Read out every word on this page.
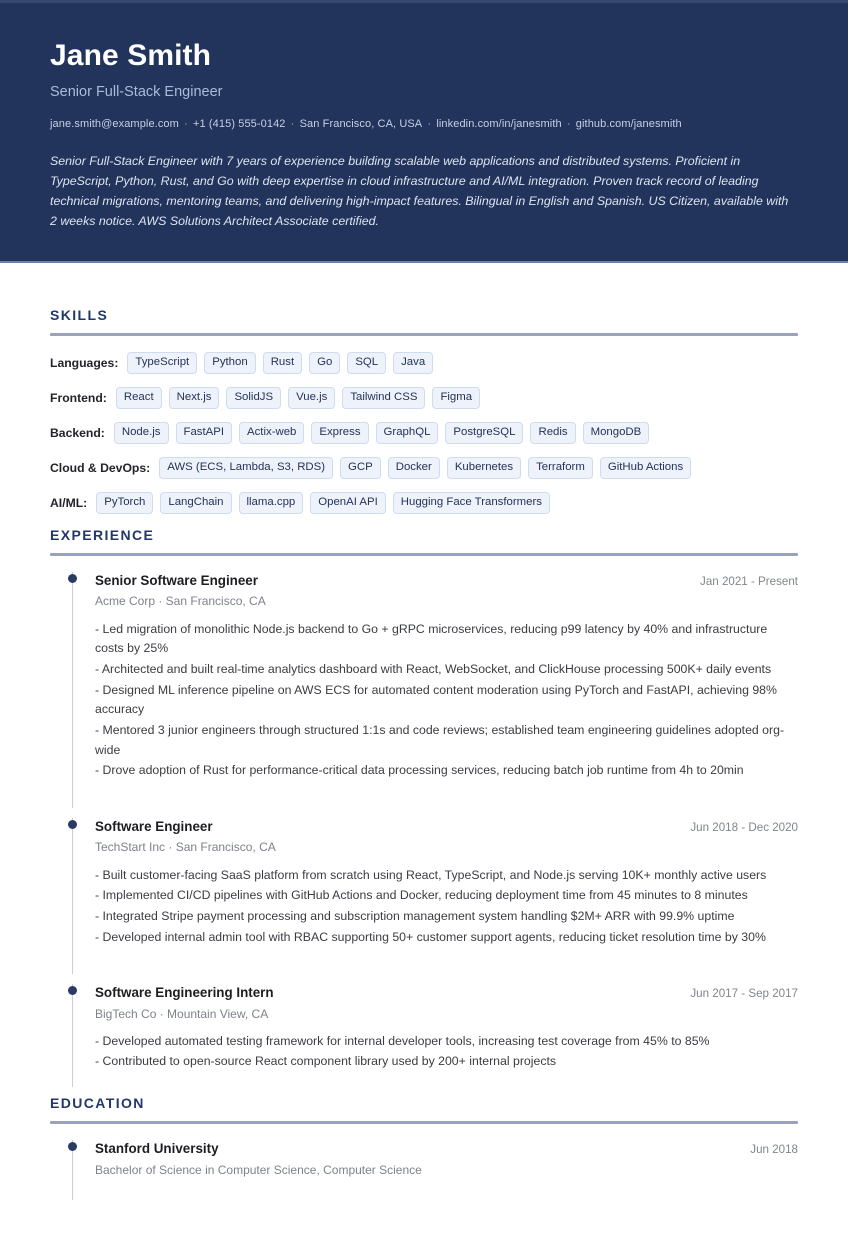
Jane Smith
Senior Full-Stack Engineer
jane.smith@example.com · +1 (415) 555-0142 · San Francisco, CA, USA · linkedin.com/in/janesmith · github.com/janesmith

Senior Full-Stack Engineer with 7 years of experience building scalable web applications and distributed systems. Proficient in TypeScript, Python, Rust, and Go with deep expertise in cloud infrastructure and AI/ML integration. Proven track record of leading technical migrations, mentoring teams, and delivering high-impact features. Bilingual in English and Spanish. US Citizen, available with 2 weeks notice. AWS Solutions Architect Associate certified.

SKILLS
Languages:	TypeScript	Python	Rust	Go	SQL	Java
Frontend:	React	Next.js	SolidJS	Vue.js	Tailwind CSS	Figma
Backend:	Node.js	FastAPI	Actix-web	Express	GraphQL	PostgreSQL	Redis	MongoDB
Cloud & DevOps:	AWS (ECS, Lambda, S3, RDS)	GCP	Docker	Kubernetes	Terraform	GitHub Actions
AI/ML:	PyTorch	LangChain	llama.cpp	OpenAI API	Hugging Face Transformers
EXPERIENCE
Senior Software Engineer	Jan 2021 - Present
Acme Corp · San Francisco, CA
- Led migration of monolithic Node.js backend to Go + gRPC microservices, reducing p99 latency by 40% and infrastructure costs by 25%
- Architected and built real-time analytics dashboard with React, WebSocket, and ClickHouse processing 500K+ daily events
- Designed ML inference pipeline on AWS ECS for automated content moderation using PyTorch and FastAPI, achieving 98% accuracy
- Mentored 3 junior engineers through structured 1:1s and code reviews; established team engineering guidelines adopted org-wide
- Drove adoption of Rust for performance-critical data processing services, reducing batch job runtime from 4h to 20min
Software Engineer	Jun 2018 - Dec 2020
TechStart Inc · San Francisco, CA
- Built customer-facing SaaS platform from scratch using React, TypeScript, and Node.js serving 10K+ monthly active users
- Implemented CI/CD pipelines with GitHub Actions and Docker, reducing deployment time from 45 minutes to 8 minutes
- Integrated Stripe payment processing and subscription management system handling $2M+ ARR with 99.9% uptime
- Developed internal admin tool with RBAC supporting 50+ customer support agents, reducing ticket resolution time by 30%
Software Engineering Intern	Jun 2017 - Sep 2017
BigTech Co · Mountain View, CA
- Developed automated testing framework for internal developer tools, increasing test coverage from 45% to 85%
- Contributed to open-source React component library used by 200+ internal projects
EDUCATION
Stanford University	Jun 2018
Bachelor of Science in Computer Science, Computer Science
